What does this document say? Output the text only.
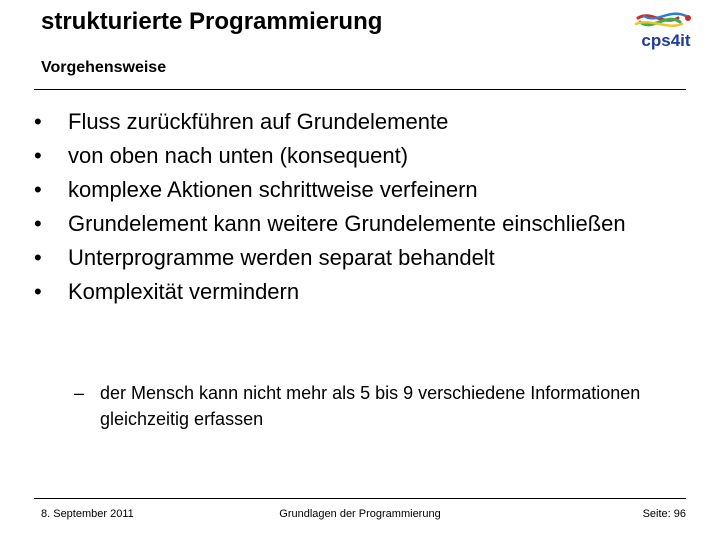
strukturierte Programmierung
Vorgehensweise
cps4it
• Fluss zurückführen auf Grundelemente
• von oben nach unten (konsequent)
• komplexe Aktionen schrittweise verfeinern
• Grundelement kann weitere Grundelemente einschließen
• Unterprogramme werden separat behandelt
• Komplexität vermindern
– der Mensch kann nicht mehr als 5 bis 9 verschiedene Informationen gleichzeitig erfassen
8. September 2011	Grundlagen der Programmierung	Seite: 96
